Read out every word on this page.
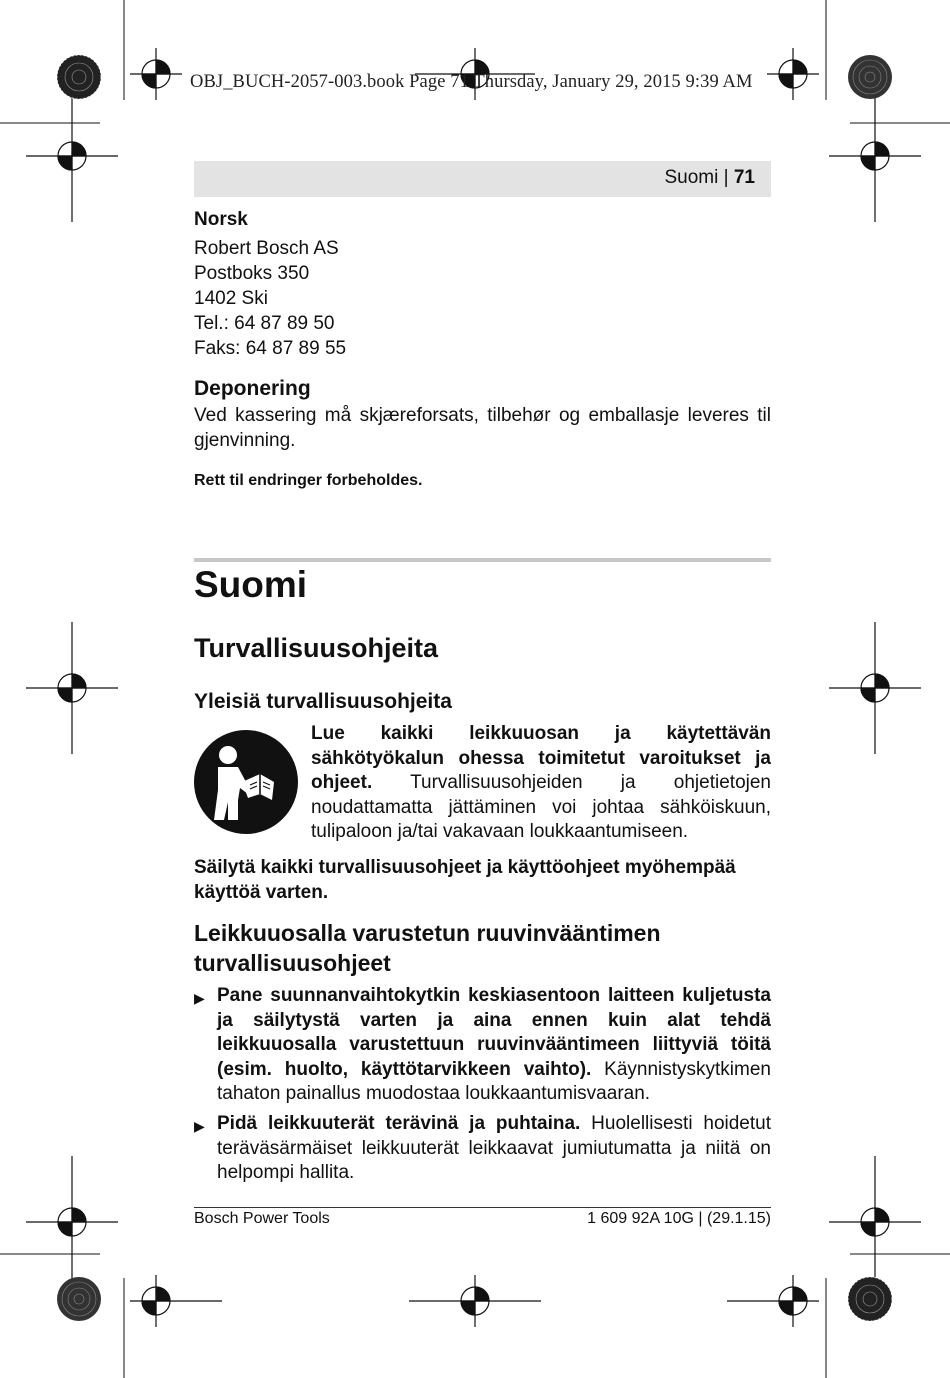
OBJ_BUCH-2057-003.book Page 71 Thursday, January 29, 2015 9:39 AM
Suomi | 71

Norsk

Robert Bosch AS

Postboks 350

1402 Ski

Tel.: 64 87 89 50

Faks: 64 87 89 55

Deponering

Ved kassering må skjæreforsats, tilbehør og emballasje leveres til gjenvinning.

Rett til endringer forbeholdes.

Suomi
Turvallisuusohjeita
Yleisiä turvallisuusohjeita
Lue kaikki leikkuuosan ja käytettävän sähkötyökalun ohessa toimitetut varoitukset ja ohjeet. Turvallisuusohjeiden ja ohjetietojen noudattamatta jättäminen voi johtaa sähköiskuun, tulipaloon ja/tai vakavaan loukkaantumiseen.
Säilytä kaikki turvallisuusohjeet ja käyttöohjeet myöhempää käyttöä varten.
Leikkuuosalla varustetun ruuvinvääntimen turvallisuusohjeet
▶ Pane suunnanvaihtokytkin keskiasentoon laitteen kuljetusta ja säilytystä varten ja aina ennen kuin alat tehdä leikkuuosalla varustettuun ruuvinvääntimeen liittyviä töitä (esim. huolto, käyttötarvikkeen vaihto). Käynnistyskytkimen tahaton painallus muodostaa loukkaantumisvaaran.
▶ Pidä leikkuuterät terävinä ja puhtaina. Huolellisesti hoidetut teräväsärmäiset leikkuuterät leikkaavat jumiutumatta ja niitä on helpompi hallita.
Bosch Power Tools	1 609 92A 10G | (29.1.15)
